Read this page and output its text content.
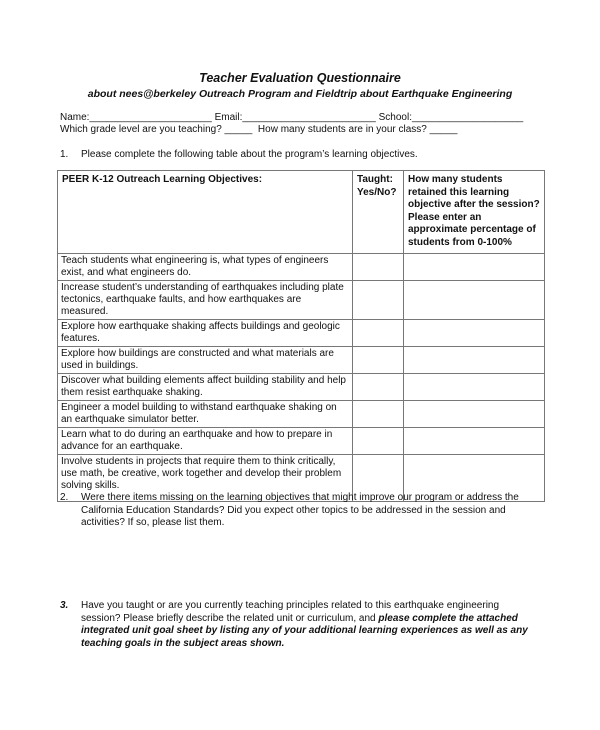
Teacher Evaluation Questionnaire
about nees@berkeley Outreach Program and Fieldtrip about Earthquake Engineering
Name:______________________ Email:________________________ School:____________________
Which grade level are you teaching? _____  How many students are in your class? _____
1. Please complete the following table about the program’s learning objectives.
PEER K-12 Outreach Learning Objectives:	Taught: Yes/No?	How many students retained this learning objective after the session? Please enter an approximate percentage of students from 0-100%
Teach students what engineering is, what types of engineers exist, and what engineers do.		
Increase student’s understanding of earthquakes including plate tectonics, earthquake faults, and how earthquakes are measured.		
Explore how earthquake shaking affects buildings and geologic features.		
Explore how buildings are constructed and what materials are used in buildings.		
Discover what building elements affect building stability and help them resist earthquake shaking.		
Engineer a model building to withstand earthquake shaking on an earthquake simulator better.		
Learn what to do during an earthquake and how to prepare in advance for an earthquake.		
Involve students in projects that require them to think critically, use math, be creative, work together and develop their problem solving skills.		
2. Were there items missing on the learning objectives that might improve our program or address the California Education Standards? Did you expect other topics to be addressed in the session and activities? If so, please list them.
3. Have you taught or are you currently teaching principles related to this earthquake engineering session? Please briefly describe the related unit or curriculum, and please complete the attached integrated unit goal sheet by listing any of your additional learning experiences as well as any teaching goals in the subject areas shown.
